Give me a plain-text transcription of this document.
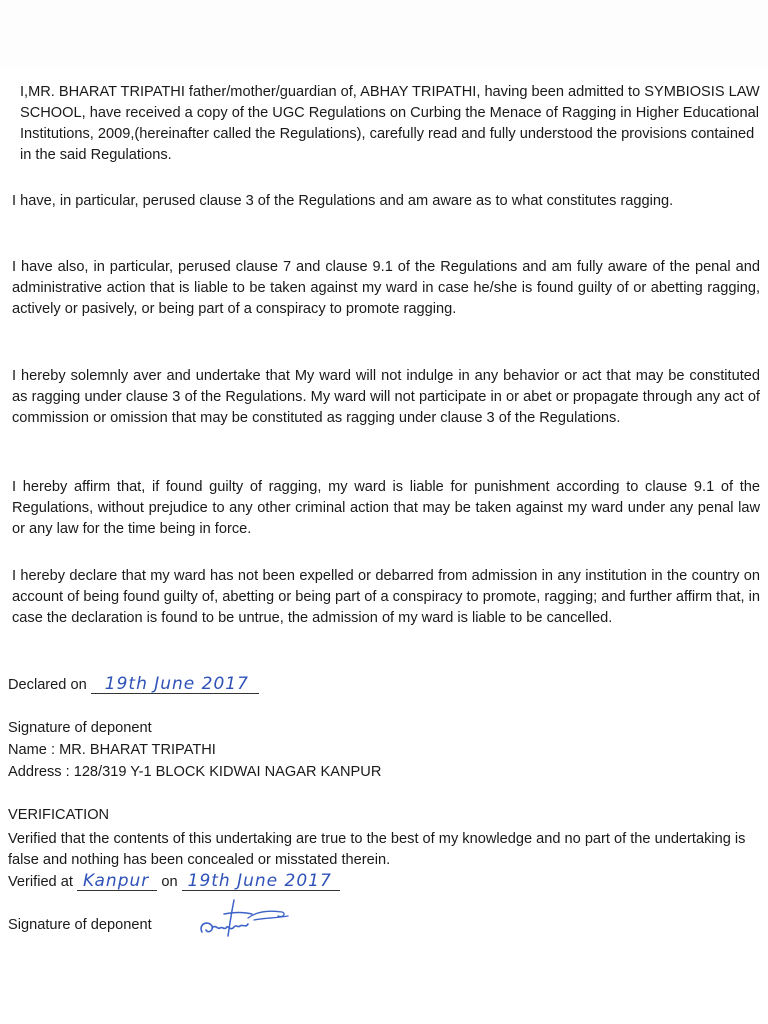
I,MR. BHARAT TRIPATHI father/mother/guardian of, ABHAY TRIPATHI, having been admitted to SYMBIOSIS LAW SCHOOL, have received a copy of the UGC Regulations on Curbing the Menace of Ragging in Higher Educational Institutions, 2009,(hereinafter called the Regulations), carefully read and fully understood the provisions contained in the said Regulations.

I have, in particular, perused clause 3 of the Regulations and am aware as to what constitutes ragging.

I have also, in particular, perused clause 7 and clause 9.1 of the Regulations and am fully aware of the penal and administrative action that is liable to be taken against my ward in case he/she is found guilty of or abetting ragging, actively or pasively, or being part of a conspiracy to promote ragging.

I hereby solemnly aver and undertake that My ward will not indulge in any behavior or act that may be constituted as ragging under clause 3 of the Regulations. My ward will not participate in or abet or propagate through any act of commission or omission that may be constituted as ragging under clause 3 of the Regulations.

I hereby affirm that, if found guilty of ragging, my ward is liable for punishment according to clause 9.1 of the Regulations, without prejudice to any other criminal action that may be taken against my ward under any penal law or any law for the time being in force.

I hereby declare that my ward has not been expelled or debarred from admission in any institution in the country on account of being found guilty of, abetting or being part of a conspiracy to promote, ragging; and further affirm that, in case the declaration is found to be untrue, the admission of my ward is liable to be cancelled.

Declared on 19th June 2017
Signature of deponent
Name : MR. BHARAT TRIPATHI
Address : 128/319 Y-1 BLOCK KIDWAI NAGAR KANPUR
VERIFICATION

Verified that the contents of this undertaking are true to the best of my knowledge and no part of the undertaking is false and nothing has been concealed or misstated therein.

Verified at Kanpur on 19th June 2017
Signature of deponent
